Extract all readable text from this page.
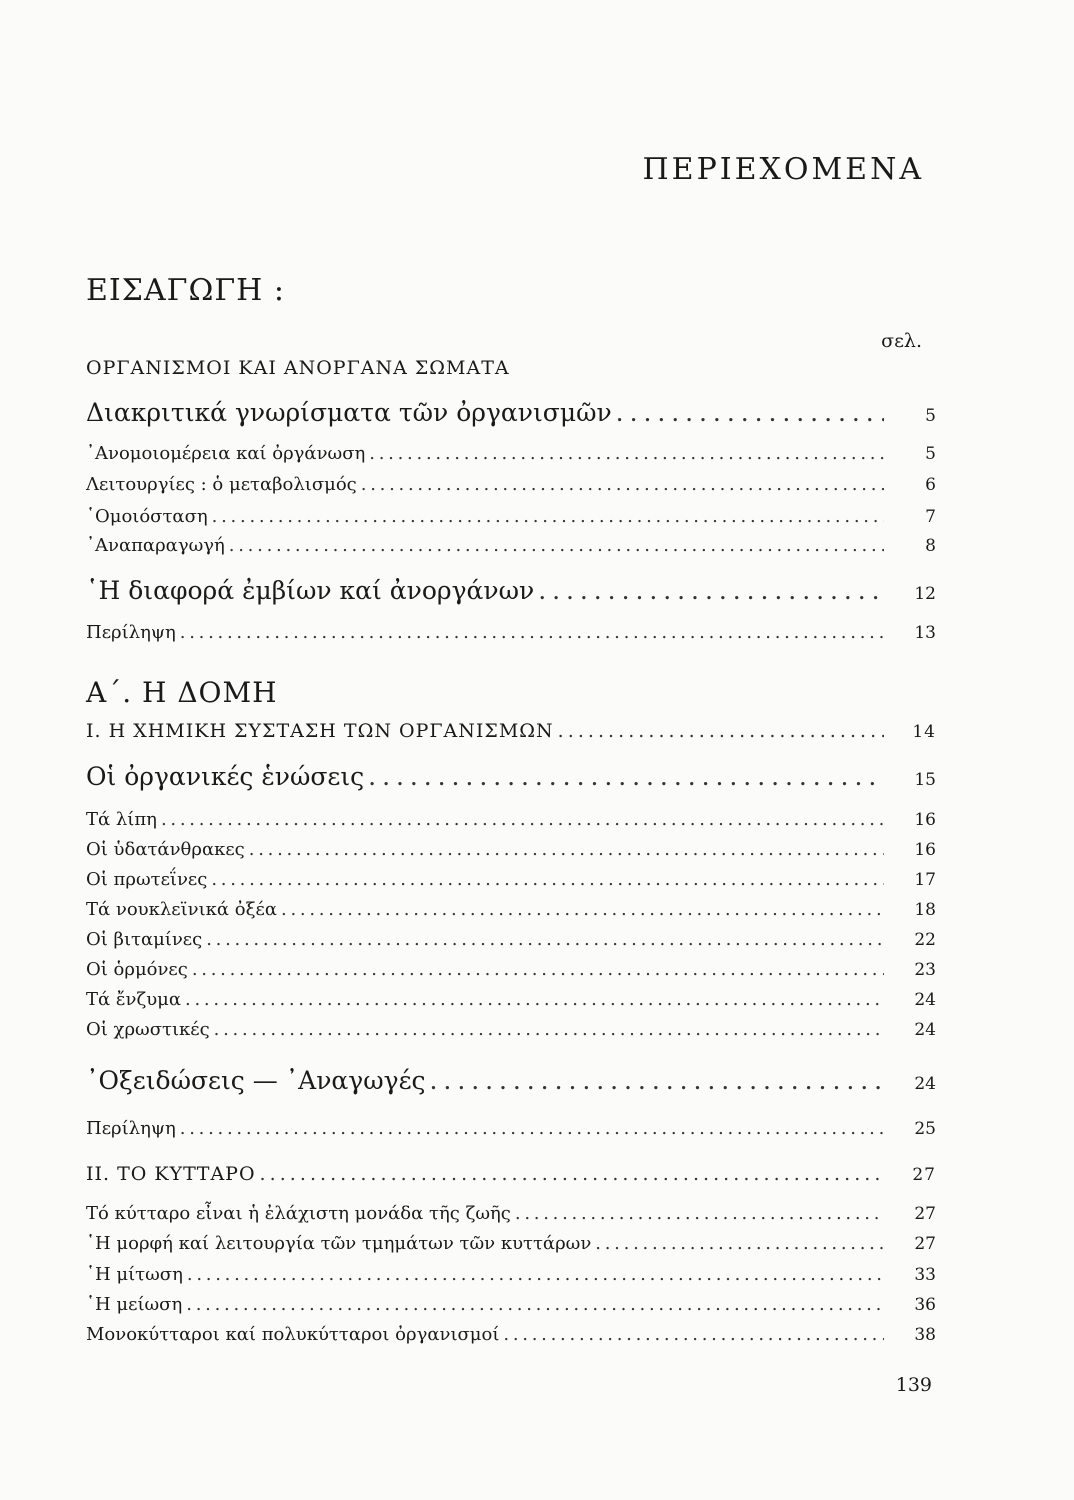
ΠΕΡΙΕΧΟΜΕΝΑ
ΕΙΣΑΓΩΓΗ :
σελ.
ΟΡΓΑΝΙΣΜΟΙ ΚΑΙ ΑΝΟΡΓΑΝΑ ΣΩΜΑΤΑ
Α΄. Η ΔΟΜΗ
Διακριτικά γνωρίσματα τῶν ὀργανισμῶν . . .	5
᾿Ανομοιομέρεια καί ὀργάνωση . . .	5
Λειτουργίες : ὁ μεταβολισμός . . .	6
῾Ομοιόσταση . . .	7
᾿Αναπαραγωγή . . .	8
῾Η διαφορά ἐμβίων καί ἀνοργάνων . . .	12
Περίληψη . . .	13
Ι. Η ΧΗΜΙΚΗ ΣΥΣΤΑΣΗ ΤΩΝ ΟΡΓΑΝΙΣΜΩΝ . . .	14
Οἱ ὀργανικές ἑνώσεις . . .	15
Τά λίπη . . .	16
Οἱ ὑδατάνθρακες . . .	16
Οἱ πρωτεΐνες . . .	17
Τά νουκλεϊνικά ὀξέα . . .	18
Οἱ βιταμίνες . . .	22
Οἱ ὁρμόνες . . .	23
Τά ἔνζυμα . . .	24
Οἱ χρωστικές . . .	24
᾿Οξειδώσεις — ᾿Αναγωγές . . .	24
Περίληψη . . .	25
ΙΙ. ΤΟ ΚΥΤΤΑΡΟ . . .	27
Τό κύτταρο εἶναι ἡ ἐλάχιστη μονάδα τῆς ζωῆς . . .	27
῾Η μορφή καί λειτουργία τῶν τμημάτων τῶν κυττάρων . . .	27
῾Η μίτωση . . .	33
῾Η μείωση . . .	36
Μονοκύτταροι καί πολυκύτταροι ὀργανισμοί . . .	38
139
